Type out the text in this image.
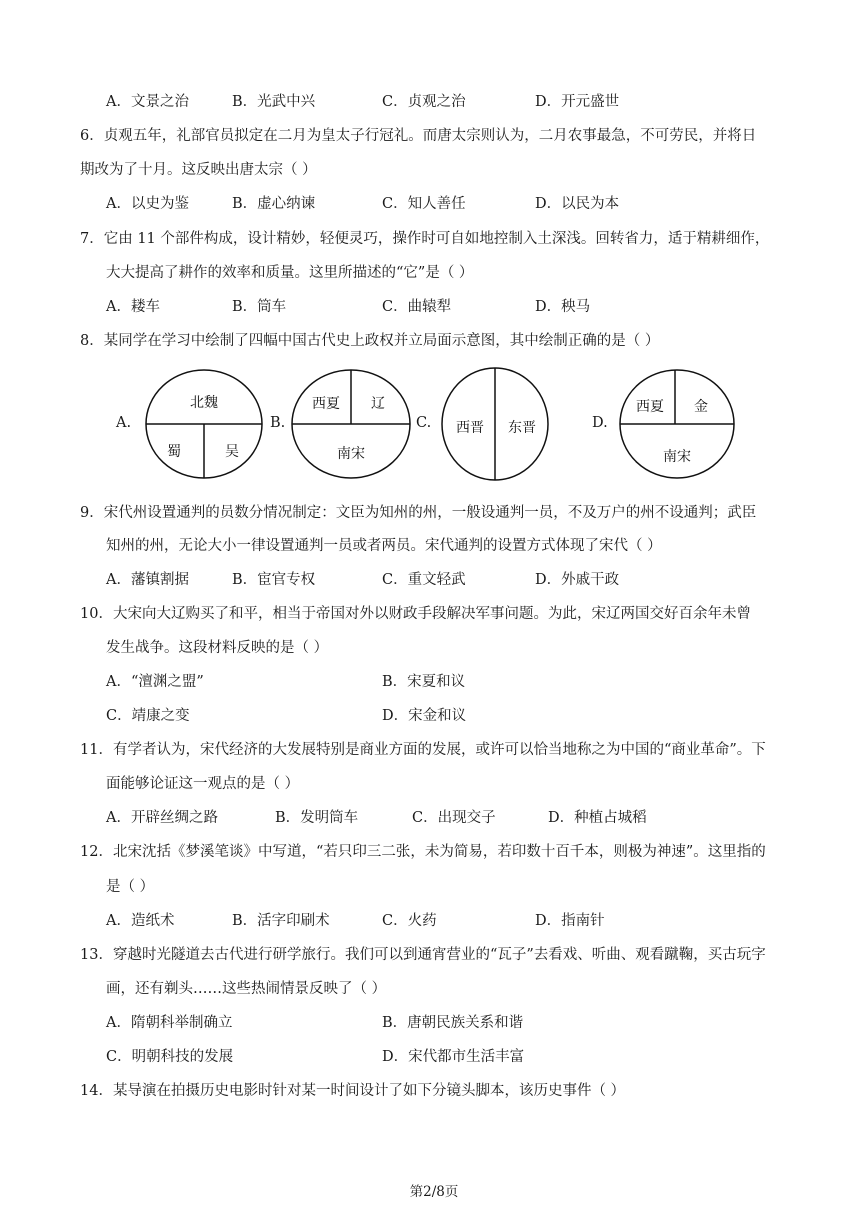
A．文景之治	B．光武中兴	C．贞观之治	D．开元盛世
6．贞观五年，礼部官员拟定在二月为皇太子行冠礼。而唐太宗则认为，二月农事最急，不可劳民，并将日
期改为了十月。这反映出唐太宗（ ）
A．以史为鉴	B．虚心纳谏	C．知人善任	D．以民为本
7．它由 11 个部件构成，设计精妙，轻便灵巧，操作时可自如地控制入土深浅。回转省力，适于精耕细作，
大大提高了耕作的效率和质量。这里所描述的“它”是（ ）
A．耧车	B．筒车	C．曲辕犁	D．秧马
8．某同学在学习中绘制了四幅中国古代史上政权并立局面示意图，其中绘制正确的是（ ）
A.
北魏
蜀	吴
B.
西夏 辽
南宋
C. 西晋 东晋	D.
西夏 金
南宋
9．宋代州设置通判的员数分情况制定：文臣为知州的州，一般设通判一员，不及万户的州不设通判；武臣
知州的州，无论大小一律设置通判一员或者两员。宋代通判的设置方式体现了宋代（ ）
A．藩镇割据	B．宦官专权	C．重文轻武	D．外戚干政
10．大宋向大辽购买了和平，相当于帝国对外以财政手段解决军事问题。为此，宋辽两国交好百余年未曾
发生战争。这段材料反映的是（ ）
A．“澶渊之盟”	B．宋夏和议
C．靖康之变	D．宋金和议
11．有学者认为，宋代经济的大发展特别是商业方面的发展，或许可以恰当地称之为中国的“商业革命”。下
面能够论证这一观点的是（ ）
A．开辟丝绸之路	B．发明筒车	C．出现交子	D．种植占城稻
12．北宋沈括《梦溪笔谈》中写道，“若只印三二张，未为简易，若印数十百千本，则极为神速”。这里指的
是（ ）
A．造纸术	B．活字印刷术	C．火药	D．指南针
13．穿越时光隧道去古代进行研学旅行。我们可以到通宵营业的“瓦子”去看戏、听曲、观看蹴鞠，买古玩字
画，还有剃头……这些热闹情景反映了（ ）
A．隋朝科举制确立	B．唐朝民族关系和谐
C．明朝科技的发展	D．宋代都市生活丰富
14．某导演在拍摄历史电影时针对某一时间设计了如下分镜头脚本，该历史事件（ ）
第2/8页
